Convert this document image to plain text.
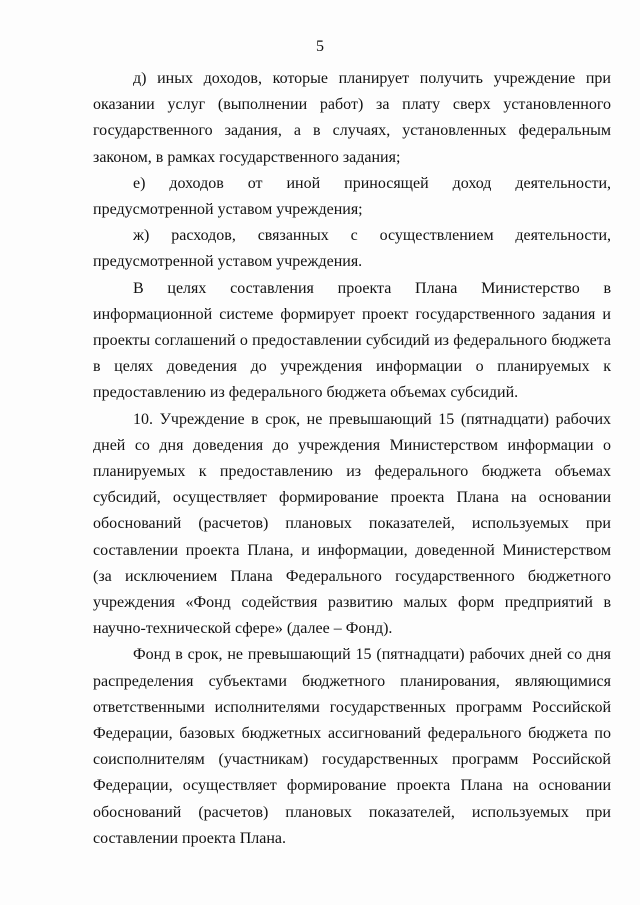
5

д) иных доходов, которые планирует получить учреждение при оказании услуг (выполнении работ) за плату сверх установленного государственного задания, а в случаях, установленных федеральным законом, в рамках государственного задания;

е) доходов от иной приносящей доход деятельности, предусмотренной уставом учреждения;

ж) расходов, связанных с осуществлением деятельности, предусмотренной уставом учреждения.

В целях составления проекта Плана Министерство в информационной системе формирует проект государственного задания и проекты соглашений о предоставлении субсидий из федерального бюджета в целях доведения до учреждения информации о планируемых к предоставлению из федерального бюджета объемах субсидий.

10. Учреждение в срок, не превышающий 15 (пятнадцати) рабочих дней со дня доведения до учреждения Министерством информации о планируемых к предоставлению из федерального бюджета объемах субсидий, осуществляет формирование проекта Плана на основании обоснований (расчетов) плановых показателей, используемых при составлении проекта Плана, и информации, доведенной Министерством (за исключением Плана Федерального государственного бюджетного учреждения «Фонд содействия развитию малых форм предприятий в научно-технической сфере» (далее – Фонд).

Фонд в срок, не превышающий 15 (пятнадцати) рабочих дней со дня распределения субъектами бюджетного планирования, являющимися ответственными исполнителями государственных программ Российской Федерации, базовых бюджетных ассигнований федерального бюджета по соисполнителям (участникам) государственных программ Российской Федерации, осуществляет формирование проекта Плана на основании обоснований (расчетов) плановых показателей, используемых при составлении проекта Плана.
